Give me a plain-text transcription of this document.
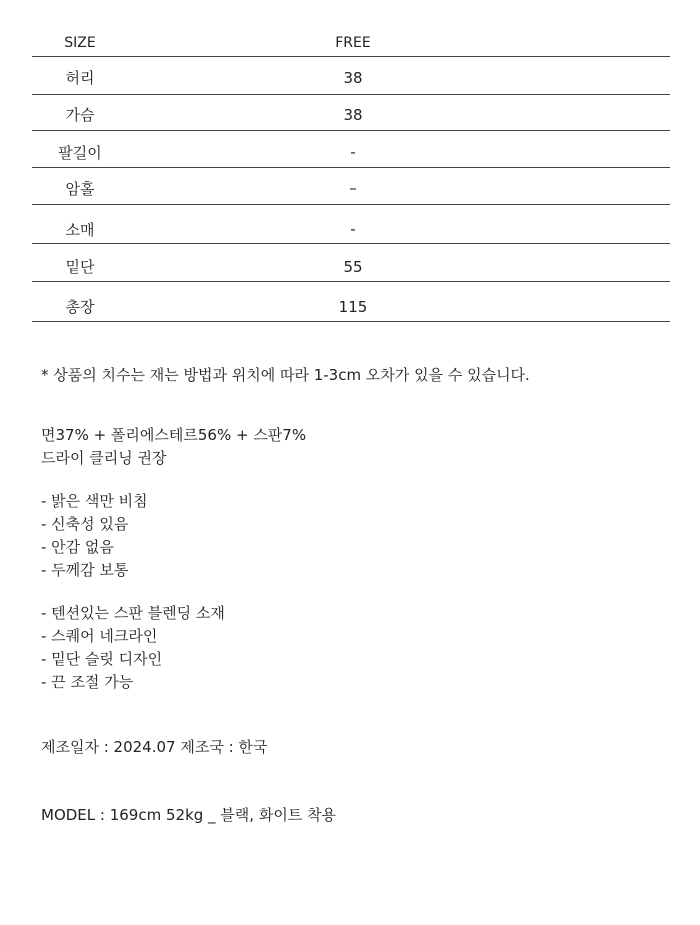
SIZE	FREE
허리	38
가슴	38
팔길이	-
암홀	–
소매	-
밑단	55
총장	115
* 상품의 치수는 재는 방법과 위치에 따라 1-3cm 오차가 있을 수 있습니다.
면37% + 폴리에스테르56% + 스판7%
드라이 클리닝 권장
- 밝은 색만 비침
- 신축성 있음
- 안감 없음
- 두께감 보통
- 텐션있는 스판 블렌딩 소재
- 스퀘어 네크라인
- 밑단 슬릿 디자인
- 끈 조절 가능
제조일자 : 2024.07 제조국 : 한국
MODEL : 169cm 52kg _ 블랙, 화이트 착용
